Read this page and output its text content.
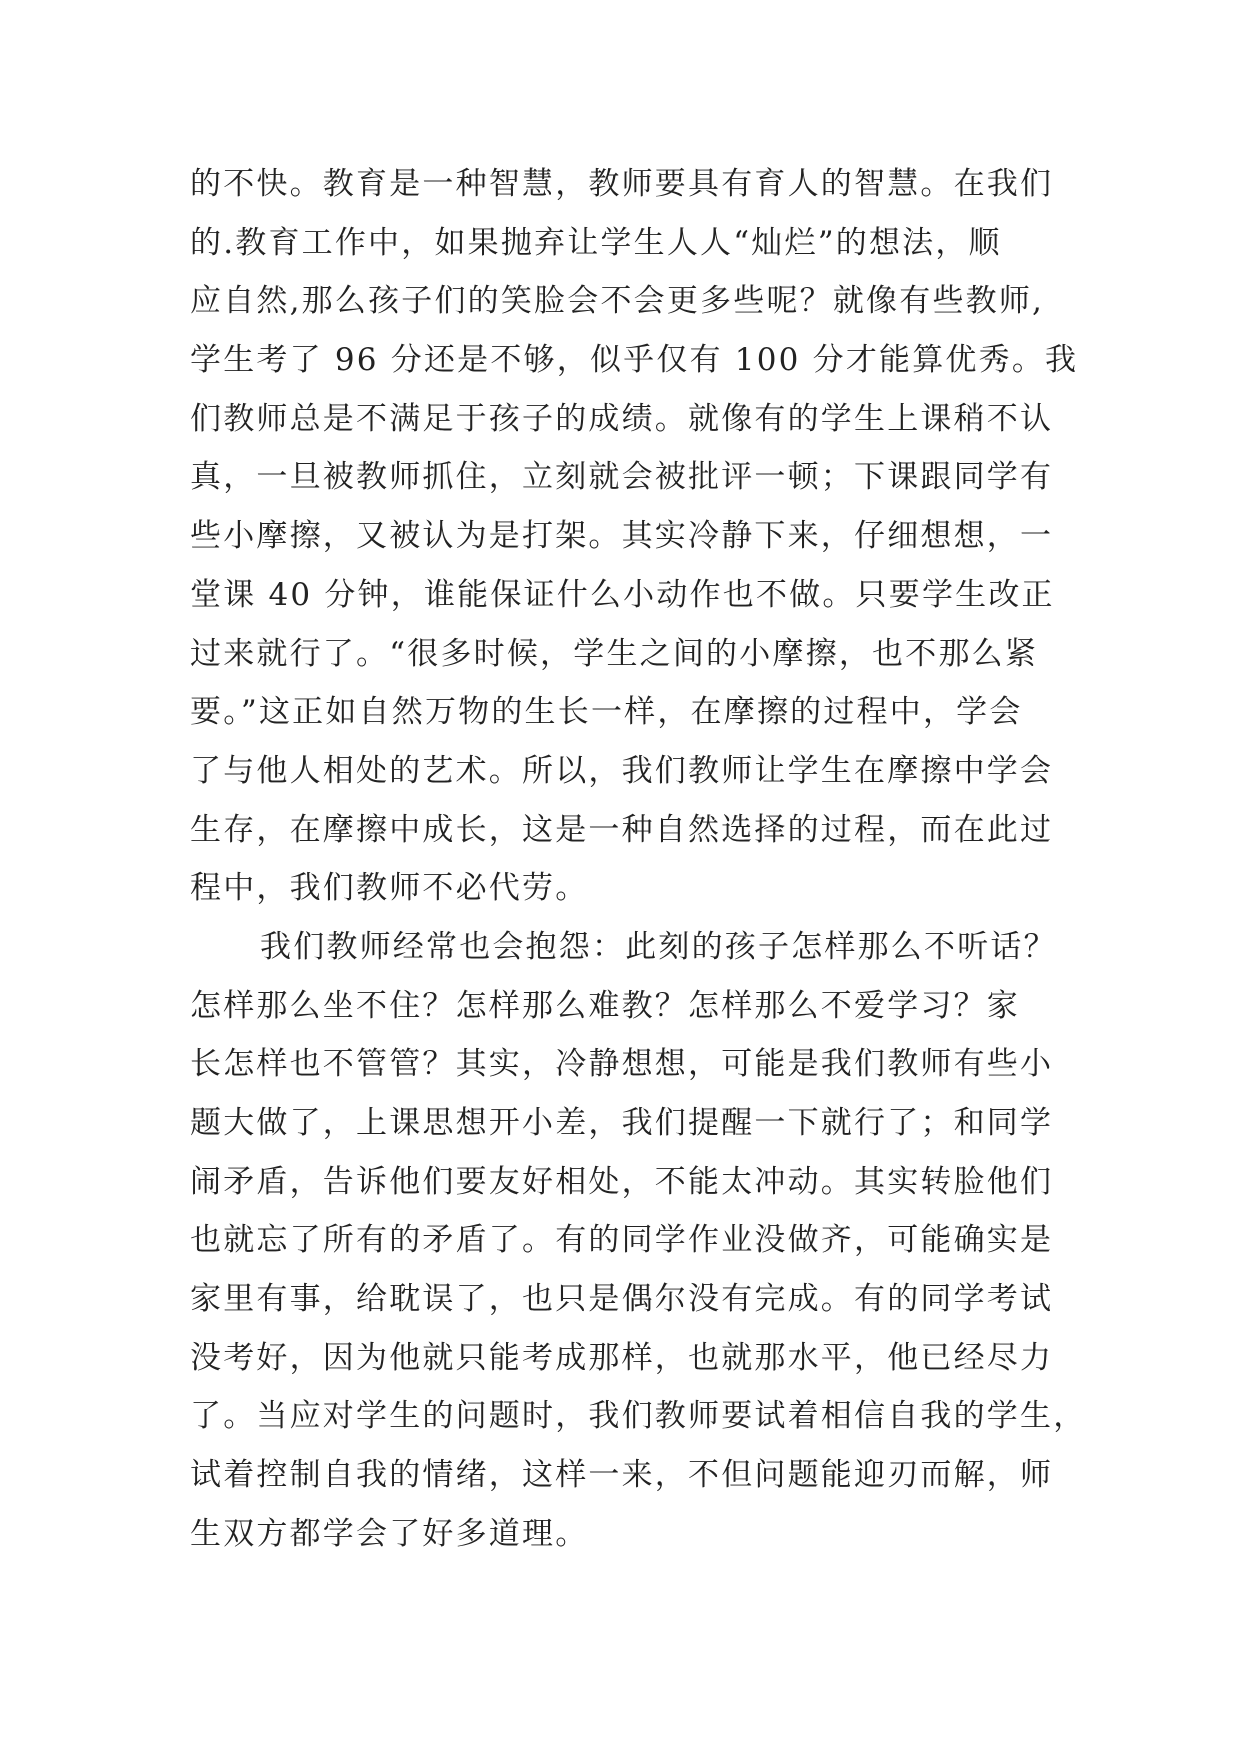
的不快。教育是一种智慧，教师要具有育人的智慧。在我们
的.教育工作中，如果抛弃让学生人人“灿烂”的想法，顺
应自然,那么孩子们的笑脸会不会更多些呢？就像有些教师,
学生考了 96 分还是不够，似乎仅有 100 分才能算优秀。我
们教师总是不满足于孩子的成绩。就像有的学生上课稍不认
真，一旦被教师抓住，立刻就会被批评一顿；下课跟同学有
些小摩擦，又被认为是打架。其实冷静下来，仔细想想，一
堂课 40 分钟，谁能保证什么小动作也不做。只要学生改正
过来就行了。“很多时候，学生之间的小摩擦，也不那么紧
要。”这正如自然万物的生长一样，在摩擦的过程中，学会
了与他人相处的艺术。所以，我们教师让学生在摩擦中学会
生存，在摩擦中成长，这是一种自然选择的过程，而在此过
程中，我们教师不必代劳。
我们教师经常也会抱怨：此刻的孩子怎样那么不听话？
怎样那么坐不住？怎样那么难教？怎样那么不爱学习？家
长怎样也不管管？其实，冷静想想，可能是我们教师有些小
题大做了，上课思想开小差，我们提醒一下就行了；和同学
闹矛盾，告诉他们要友好相处，不能太冲动。其实转脸他们
也就忘了所有的矛盾了。有的同学作业没做齐，可能确实是
家里有事，给耽误了，也只是偶尔没有完成。有的同学考试
没考好，因为他就只能考成那样，也就那水平，他已经尽力
了。当应对学生的问题时，我们教师要试着相信自我的学生，
试着控制自我的情绪，这样一来，不但问题能迎刃而解，师
生双方都学会了好多道理。
